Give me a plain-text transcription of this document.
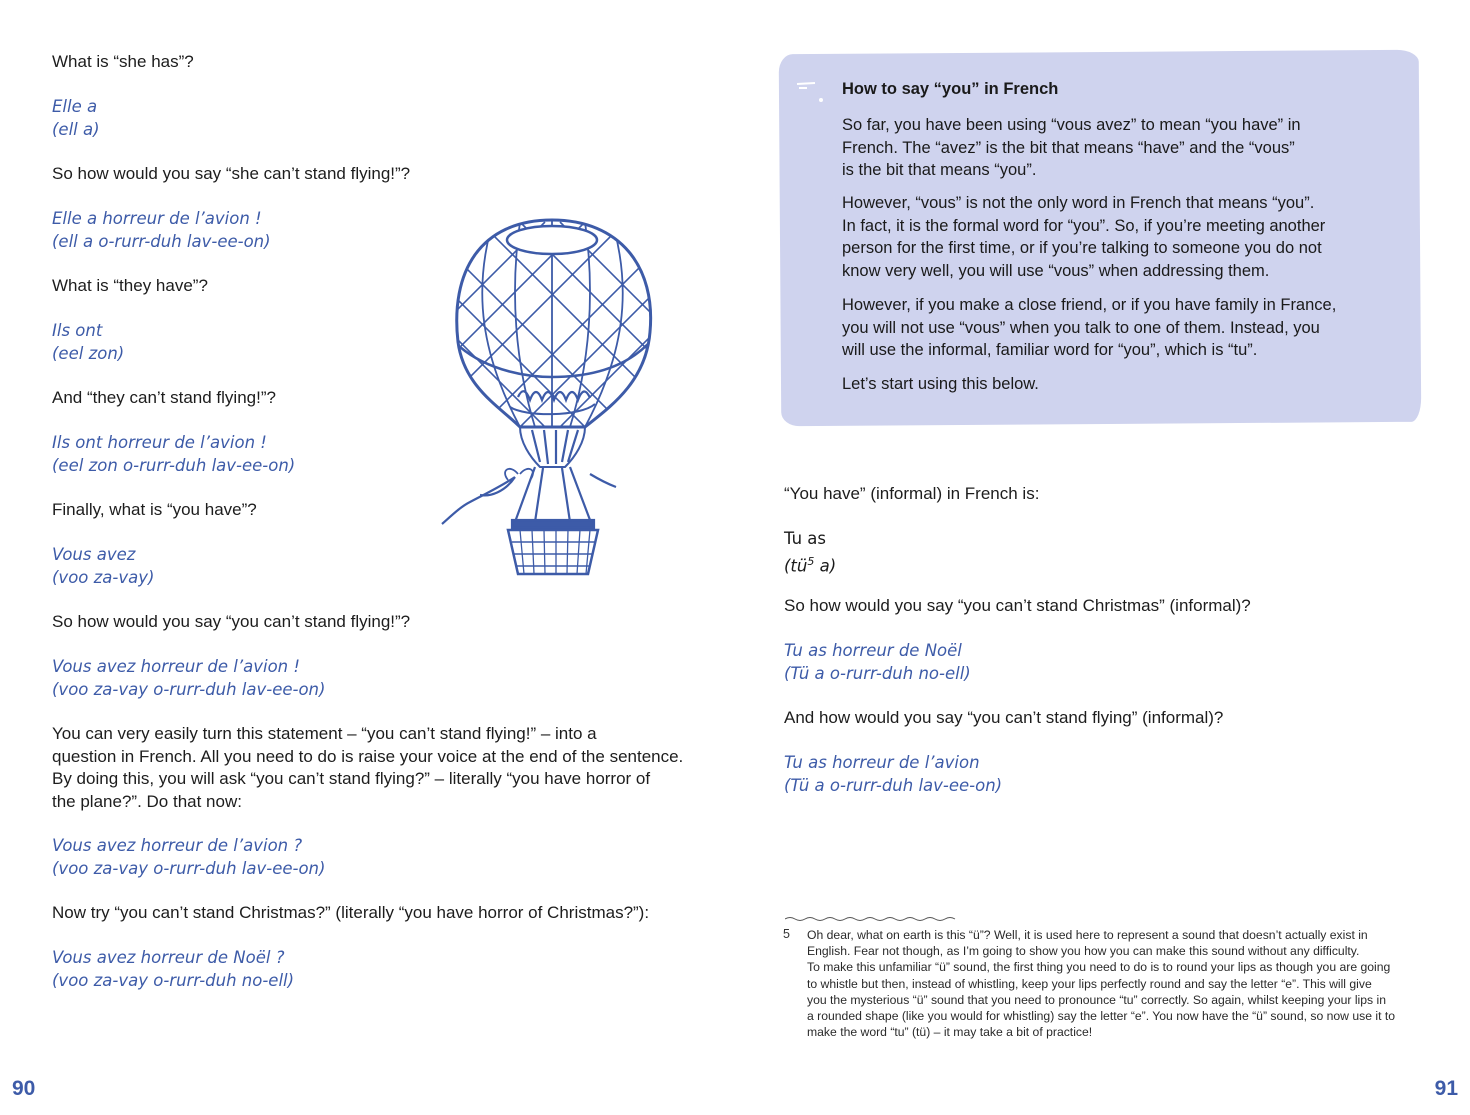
What is “she has”?

Elle a
(ell a)

So how would you say “she can’t stand flying!”?

Elle a horreur de l’avion !
(ell a o-rurr-duh lav-ee-on)

What is “they have”?

Ils ont
(eel zon)

And “they can’t stand flying!”?

Ils ont horreur de l’avion !
(eel zon o-rurr-duh lav-ee-on)

Finally, what is “you have”?

Vous avez
(voo za-vay)

So how would you say “you can’t stand flying!”?

Vous avez horreur de l’avion !
(voo za-vay o-rurr-duh lav-ee-on)

You can very easily turn this statement – “you can’t stand flying!” – into a
question in French. All you need to do is raise your voice at the end of the sentence.
By doing this, you will ask “you can’t stand flying?” – literally “you have horror of
the plane?”. Do that now:

Vous avez horreur de l’avion ?
(voo za-vay o-rurr-duh lav-ee-on)

Now try “you can’t stand Christmas?” (literally “you have horror of Christmas?”):

Vous avez horreur de Noël ?
(voo za-vay o-rurr-duh no-ell)

90
How to say “you” in French

So far, you have been using “vous avez” to mean “you have” in
French. The “avez” is the bit that means “have” and the “vous”
is the bit that means “you”.

However, “vous” is not the only word in French that means “you”.
In fact, it is the formal word for “you”. So, if you’re meeting another
person for the first time, or if you’re talking to someone you do not
know very well, you will use “vous” when addressing them.

However, if you make a close friend, or if you have family in France,
you will not use “vous” when you talk to one of them. Instead, you
will use the informal, familiar word for “you”, which is “tu”.

Let’s start using this below.

“You have” (informal) in French is:

Tu as
($tü^5$ a)

So how would you say “you can’t stand Christmas” (informal)?

Tu as horreur de Noël
(Tü a o-rurr-duh no-ell)

And how would you say “you can’t stand flying” (informal)?

Tu as horreur de l’avion
(Tü a o-rurr-duh lav-ee-on)

5 Oh dear, what on earth is this “ü”? Well, it is used here to represent a sound that doesn’t actually exist in
English. Fear not though, as I’m going to show you how you can make this sound without any difficulty.
To make this unfamiliar “ü” sound, the first thing you need to do is to round your lips as though you are going
to whistle but then, instead of whistling, keep your lips perfectly round and say the letter “e”. This will give
you the mysterious “ü” sound that you need to pronounce “tu” correctly. So again, whilst keeping your lips in
a rounded shape (like you would for whistling) say the letter “e”. You now have the “ü” sound, so now use it to
make the word “tu” (tü) – it may take a bit of practice!

91
